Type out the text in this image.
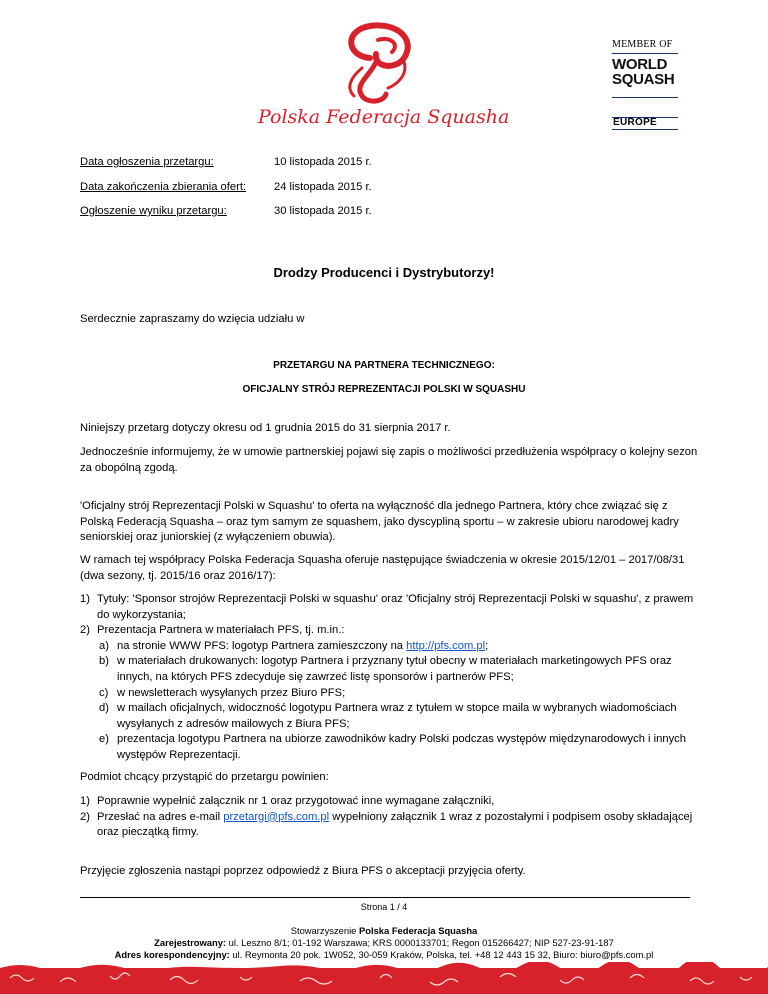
Polska Federacja Squasha
MEMBER OF
WORLD
SQUASH
EUROPE
Data ogłoszenia przetargu:	10 listopada 2015 r.
Data zakończenia zbierania ofert: 24 listopada 2015 r.
Ogłoszenie wyniku przetargu:	30 listopada 2015 r.
Drodzy Producenci i Dystrybutorzy!
Serdecznie zapraszamy do wzięcia udziału w
PRZETARGU NA PARTNERA TECHNICZNEGO:
OFICJALNY STRÓJ REPREZENTACJI POLSKI W SQUASHU
Niniejszy przetarg dotyczy okresu od 1 grudnia 2015 do 31 sierpnia 2017 r.

Jednocześnie informujemy, że w umowie partnerskiej pojawi się zapis o możliwości przedłużenia współpracy o kolejny sezon za obopólną zgodą.

'Oficjalny strój Reprezentacji Polski w Squashu' to oferta na wyłączność dla jednego Partnera, który chce związać się z Polską Federacją Squasha – oraz tym samym ze squashem, jako dyscypliną sportu – w zakresie ubioru narodowej kadry seniorskiej oraz juniorskiej (z wyłączeniem obuwia).

W ramach tej współpracy Polska Federacja Squasha oferuje następujące świadczenia w okresie 2015/12/01 – 2017/08/31 (dwa sezony, tj. 2015/16 oraz 2016/17):

1) Tytuły: 'Sponsor strojów Reprezentacji Polski w squashu' oraz 'Oficjalny strój Reprezentacji Polski w squashu', z prawem do wykorzystania;
2) Prezentacja Partnera w materiałach PFS, tj. m.in.:
a) na stronie WWW PFS: logotyp Partnera zamieszczony na http://pfs.com.pl;
b) w materiałach drukowanych: logotyp Partnera i przyznany tytuł obecny w materiałach marketingowych PFS oraz innych, na których PFS zdecyduje się zawrzeć listę sponsorów i partnerów PFS;
c) w newsletterach wysyłanych przez Biuro PFS;
d) w mailach oficjalnych, widoczność logotypu Partnera wraz z tytułem w stopce maila w wybranych wiadomościach wysyłanych z adresów mailowych z Biura PFS;
e) prezentacja logotypu Partnera na ubiorze zawodników kadry Polski podczas występów międzynarodowych i innych występów Reprezentacji.
Podmiot chcący przystąpić do przetargu powinien:
1) Poprawnie wypełnić załącznik nr 1 oraz przygotować inne wymagane załączniki,
2) Przesłać na adres e-mail przetargi@pfs.com.pl wypełniony załącznik 1 wraz z pozostałymi i podpisem osoby składającej oraz pieczątką firmy.
Przyjęcie zgłoszenia nastąpi poprzez odpowiedź z Biura PFS o akceptacji przyjęcia oferty.
Strona 1 / 4
Stowarzyszenie Polska Federacja Squasha
Zarejestrowany: ul. Leszno 8/1; 01-192 Warszawa; KRS 0000133701; Regon 015266427; NIP 527-23-91-187
Adres korespondencyjny: ul. Reymonta 20 pok. 1W052, 30-059 Kraków, Polska, tel. +48 12 443 15 32, Biuro: biuro@pfs.com.pl
